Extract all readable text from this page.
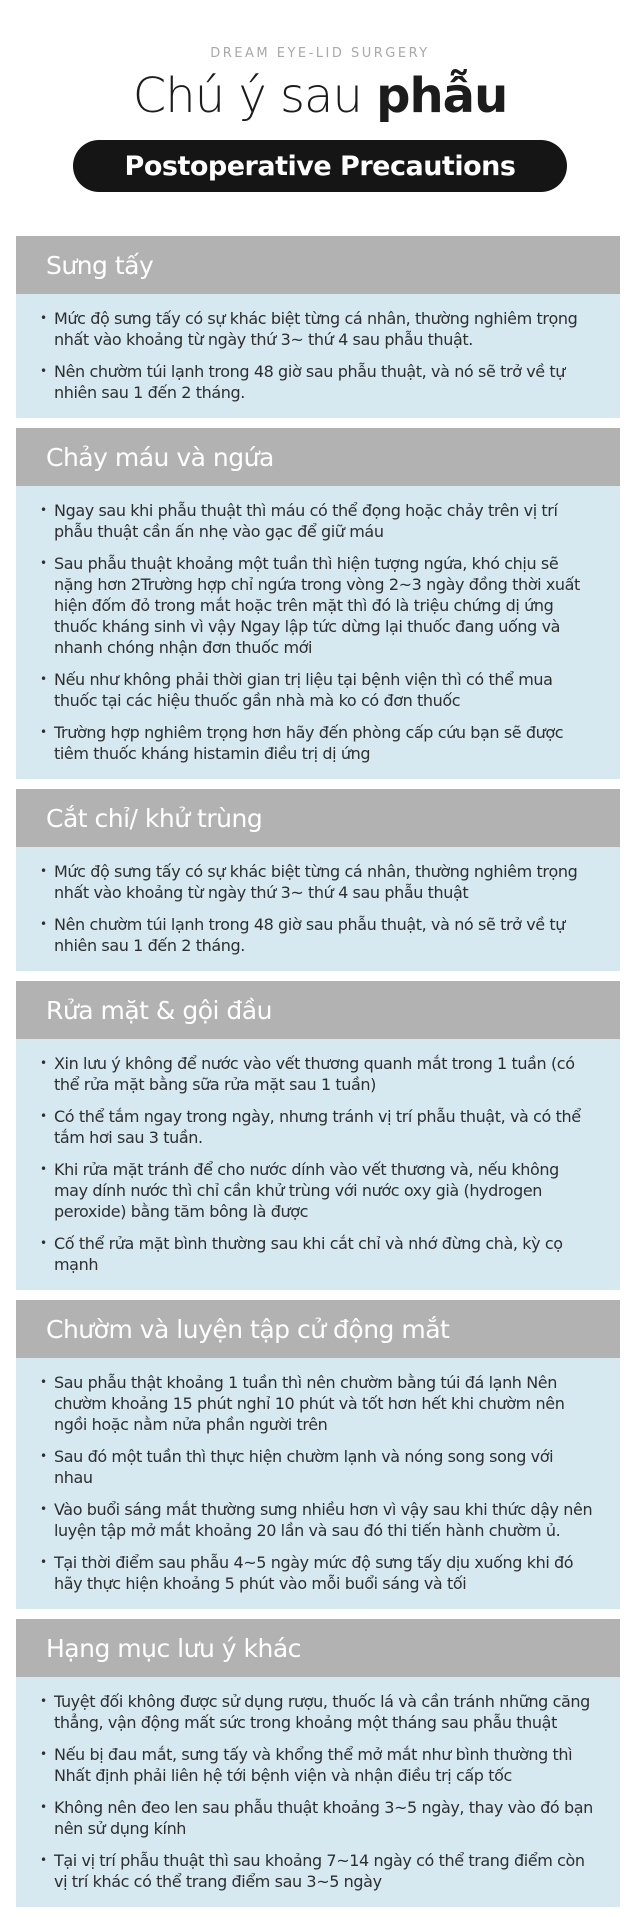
DREAM EYE-LID SURGERY
Chú ý sau phẫu
Postoperative Precautions
Sưng tấy
• Mức độ sưng tấy có sự khác biệt từng cá nhân, thường nghiêm trọng nhất vào khoảng từ ngày thứ 3~ thứ 4 sau phẫu thuật.
• Nên chườm túi lạnh trong 48 giờ sau phẫu thuật, và nó sẽ trở về tự nhiên sau 1 đến 2 tháng.
Chảy máu và ngứa
• Ngay sau khi phẫu thuật thì máu có thể đọng hoặc chảy trên vị trí phẫu thuật cần ấn nhẹ vào gạc để giữ máu
• Sau phẫu thuật khoảng một tuần thì hiện tượng ngứa, khó chịu sẽ nặng hơn 2Trường hợp chỉ ngứa trong vòng 2~3 ngày đồng thời xuất hiện đốm đỏ trong mắt hoặc trên mặt thì đó là triệu chứng dị ứng thuốc kháng sinh vì vậy Ngay lập tức dừng lại thuốc đang uống và nhanh chóng nhận đơn thuốc mới
• Nếu như không phải thời gian trị liệu tại bệnh viện thì có thể mua thuốc tại các hiệu thuốc gần nhà mà ko có đơn thuốc
• Trường hợp nghiêm trọng hơn hãy đến phòng cấp cứu bạn sẽ được tiêm thuốc kháng histamin điều trị dị ứng
Cắt chỉ/ khử trùng
• Mức độ sưng tấy có sự khác biệt từng cá nhân, thường nghiêm trọng nhất vào khoảng từ ngày thứ 3~ thứ 4 sau phẫu thuật
• Nên chườm túi lạnh trong 48 giờ sau phẫu thuật, và nó sẽ trở về tự nhiên sau 1 đến 2 tháng.
Rửa mặt & gội đầu
• Xin lưu ý không để nước vào vết thương quanh mắt trong 1 tuần (có thể rửa mặt bằng sữa rửa mặt sau 1 tuần)
• Có thể tắm ngay trong ngày, nhưng tránh vị trí phẫu thuật, và có thể tắm hơi sau 3 tuần.
• Khi rửa mặt tránh để cho nước dính vào vết thương và, nếu không may dính nước thì chỉ cần khử trùng với nước oxy già (hydrogen peroxide) bằng tăm bông là được
• Cố thể rửa mặt bình thường sau khi cắt chỉ và nhớ đừng chà, kỳ cọ mạnh
Chườm và luyện tập cử động mắt
• Sau phẫu thật khoảng 1 tuần thì nên chườm bằng túi đá lạnh Nên chườm khoảng 15 phút nghỉ 10 phút và tốt hơn hết khi chườm nên ngồi hoặc nằm nửa phần người trên
• Sau đó một tuần thì thực hiện chườm lạnh và nóng song song với nhau
• Vào buổi sáng mắt thường sưng nhiều hơn vì vậy sau khi thức dậy nên luyện tập mở mắt khoảng 20 lần và sau đó thi tiến hành chườm ủ.
• Tại thời điểm sau phẫu 4~5 ngày mức độ sưng tấy dịu xuống khi đó hãy thực hiện khoảng 5 phút vào mỗi buổi sáng và tối
Hạng mục lưu ý khác
• Tuyệt đối không được sử dụng rượu, thuốc lá và cần tránh những căng thẳng, vận động mất sức trong khoảng một tháng sau phẫu thuật
• Nếu bị đau mắt, sưng tấy và khổng thể mở mắt như bình thường thì Nhất định phải liên hệ tới bệnh viện và nhận điều trị cấp tốc
• Không nên đeo len sau phẫu thuật khoảng 3~5 ngày, thay vào đó bạn nên sử dụng kính
• Tại vị trí phẫu thuật thì sau khoảng 7~14 ngày có thể trang điểm còn vị trí khác có thể trang điểm sau 3~5 ngày
